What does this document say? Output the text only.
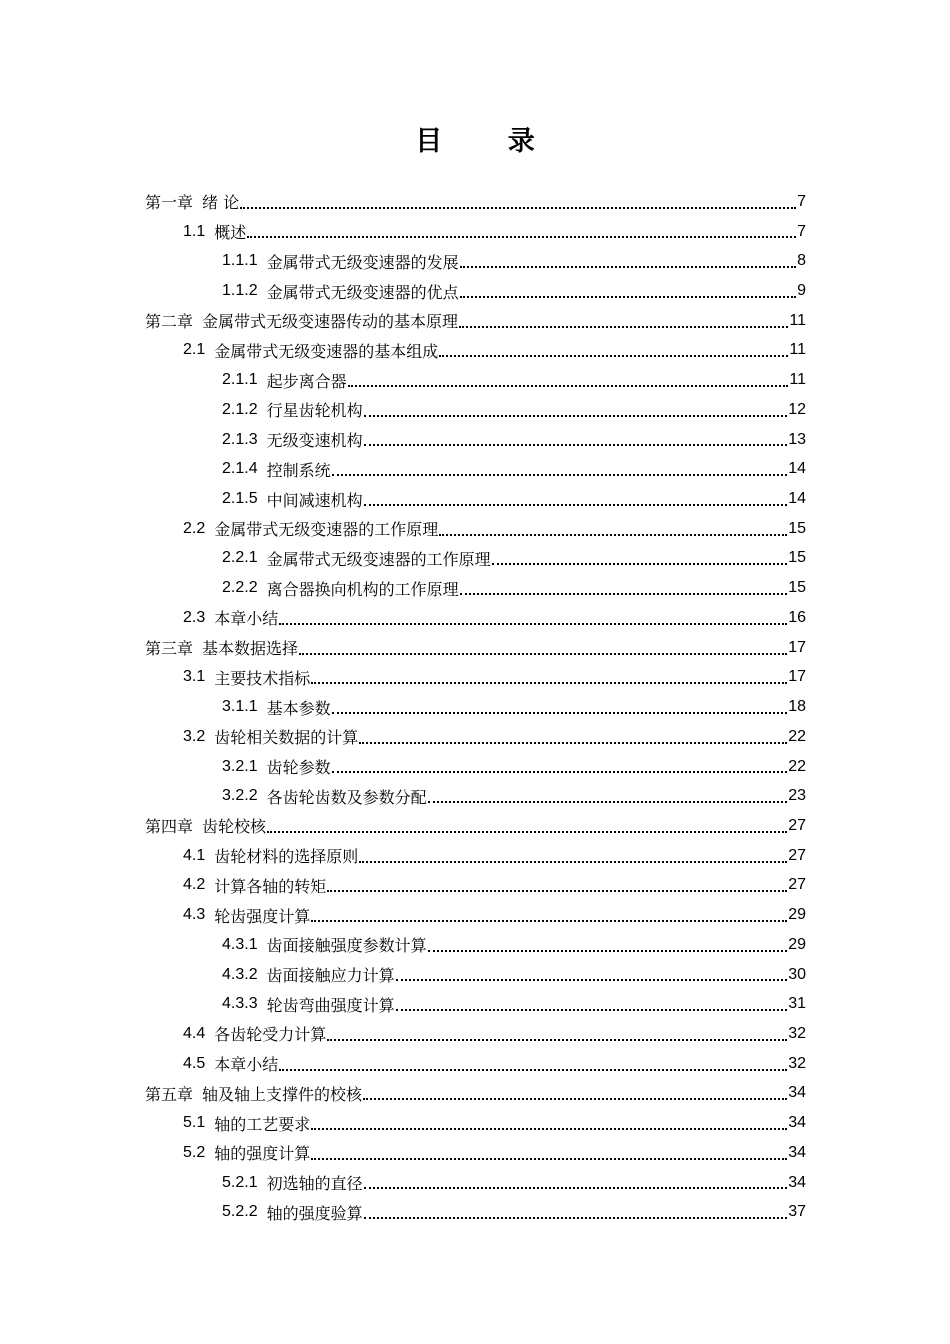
目 录
第一章 绪 论	7
1.1 概述	7
1.1.1 金属带式无级变速器的发展	8
1.1.2 金属带式无级变速器的优点	9
第二章 金属带式无级变速器传动的基本原理	11
2.1 金属带式无级变速器的基本组成	11
2.1.1 起步离合器	11
2.1.2 行星齿轮机构	12
2.1.3 无级变速机构	13
2.1.4 控制系统	14
2.1.5 中间减速机构	14
2.2 金属带式无级变速器的工作原理	15
2.2.1 金属带式无级变速器的工作原理	15
2.2.2 离合器换向机构的工作原理	15
2.3 本章小结	16
第三章 基本数据选择	17
3.1 主要技术指标	17
3.1.1 基本参数	18
3.2 齿轮相关数据的计算	22
3.2.1 齿轮参数	22
3.2.2 各齿轮齿数及参数分配	23
第四章 齿轮校核	27
4.1 齿轮材料的选择原则	27
4.2 计算各轴的转矩	27
4.3 轮齿强度计算	29
4.3.1 齿面接触强度参数计算	29
4.3.2 齿面接触应力计算	30
4.3.3 轮齿弯曲强度计算	31
4.4 各齿轮受力计算	32
4.5 本章小结	32
第五章 轴及轴上支撑件的校核	34
5.1 轴的工艺要求	34
5.2 轴的强度计算	34
5.2.1 初选轴的直径	34
5.2.2 轴的强度验算	37
